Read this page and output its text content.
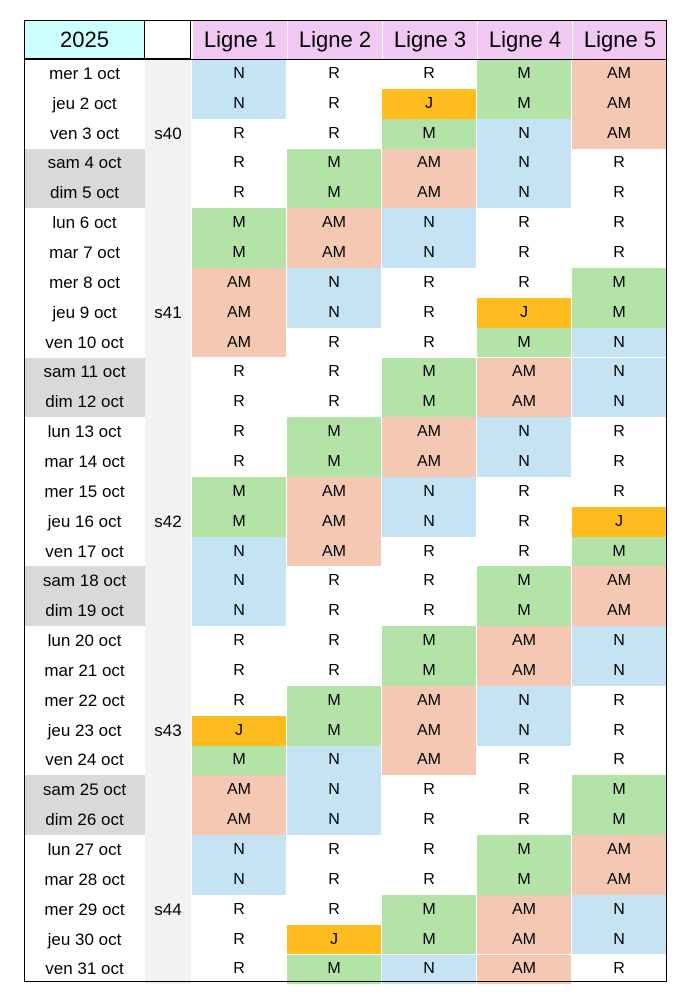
2025	Ligne 1	Ligne 2	Ligne 3	Ligne 4	Ligne 5
mer 1 oct	N	R	R	M	AM
jeu 2 oct	N	R	J	M	AM
ven 3 oct	R	R	M	N	AM
sam 4 oct	R	M	AM	N	R
dim 5 oct	R	M	AM	N	R
s40
lun 6 oct	M	AM	N	R	R
mar 7 oct	M	AM	N	R	R
mer 8 oct	AM	N	R	R	M
jeu 9 oct	AM	N	R	J	M
ven 10 oct	AM	R	R	M	N
sam 11 oct	R	R	M	AM	N
dim 12 oct	R	R	M	AM	N
s41
lun 13 oct	R	M	AM	N	R
mar 14 oct	R	M	AM	N	R
mer 15 oct	M	AM	N	R	R
jeu 16 oct	M	AM	N	R	J
ven 17 oct	N	AM	R	R	M
sam 18 oct	N	R	R	M	AM
dim 19 oct	N	R	R	M	AM
s42
lun 20 oct	R	R	M	AM	N
mar 21 oct	R	R	M	AM	N
mer 22 oct	R	M	AM	N	R
jeu 23 oct	J	M	AM	N	R
ven 24 oct	M	N	AM	R	R
sam 25 oct	AM	N	R	R	M
dim 26 oct	AM	N	R	R	M
s43
lun 27 oct	N	R	R	M	AM
mar 28 oct	N	R	R	M	AM
mer 29 oct	R	R	M	AM	N
jeu 30 oct	R	J	M	AM	N
ven 31 oct	R	M	N	AM	R
s44
